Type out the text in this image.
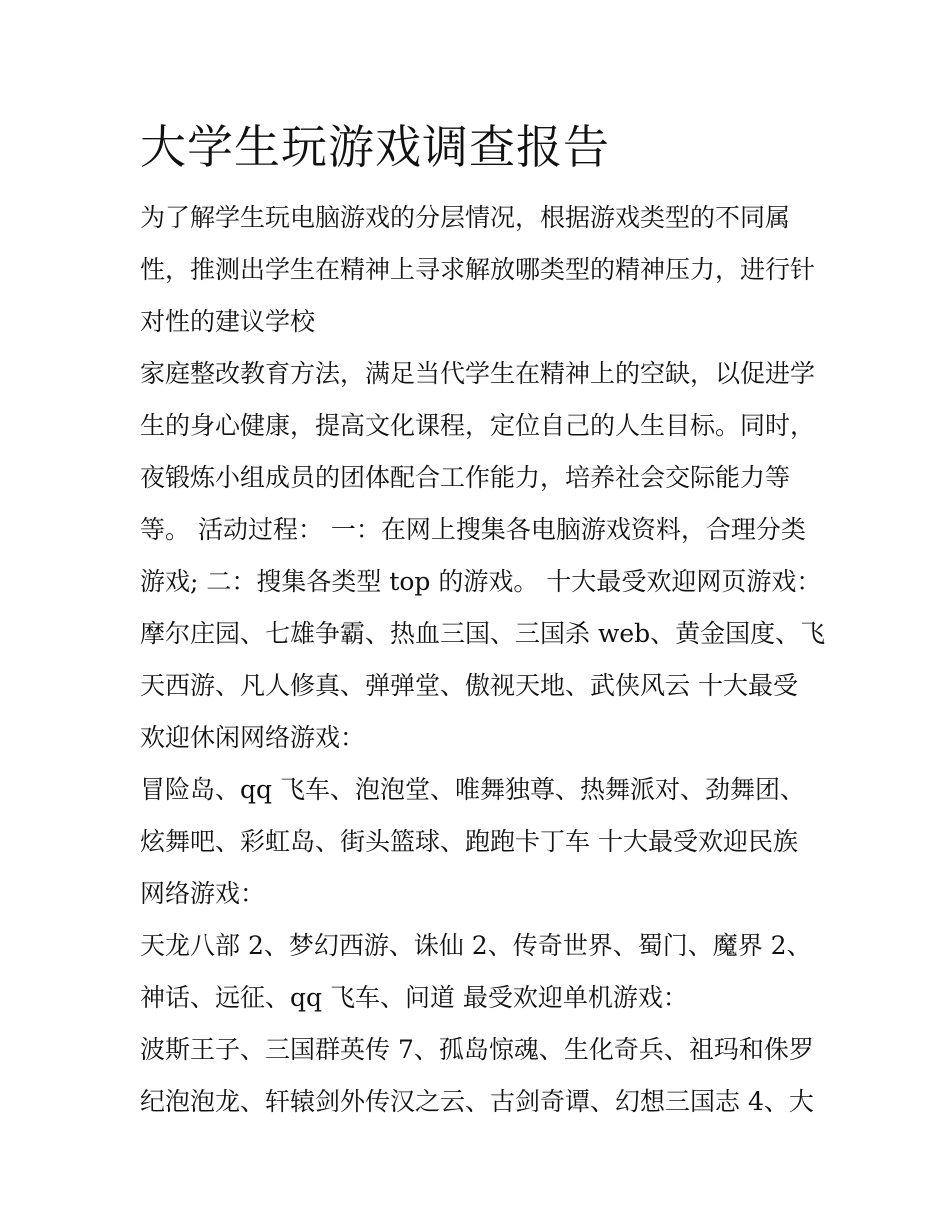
大学生玩游戏调查报告
为了解学生玩电脑游戏的分层情况，根据游戏类型的不同属
性，推测出学生在精神上寻求解放哪类型的精神压力，进行针
对性的建议学校
家庭整改教育方法，满足当代学生在精神上的空缺，以促进学
生的身心健康，提高文化课程，定位自己的人生目标。同时，
夜锻炼小组成员的团体配合工作能力，培养社会交际能力等
等。 活动过程： 一：在网上搜集各电脑游戏资料，合理分类
游戏; 二：搜集各类型 top 的游戏。 十大最受欢迎网页游戏：
摩尔庄园、七雄争霸、热血三国、三国杀 web、黄金国度、飞
天西游、凡人修真、弹弹堂、傲视天地、武侠风云 十大最受
欢迎休闲网络游戏：
冒险岛、qq 飞车、泡泡堂、唯舞独尊、热舞派对、劲舞团、
炫舞吧、彩虹岛、街头篮球、跑跑卡丁车 十大最受欢迎民族
网络游戏：
天龙八部 2、梦幻西游、诛仙 2、传奇世界、蜀门、魔界 2、
神话、远征、qq 飞车、问道 最受欢迎单机游戏：
波斯王子、三国群英传 7、孤岛惊魂、生化奇兵、祖玛和侏罗
纪泡泡龙、轩辕剑外传汉之云、古剑奇谭、幻想三国志 4、大
